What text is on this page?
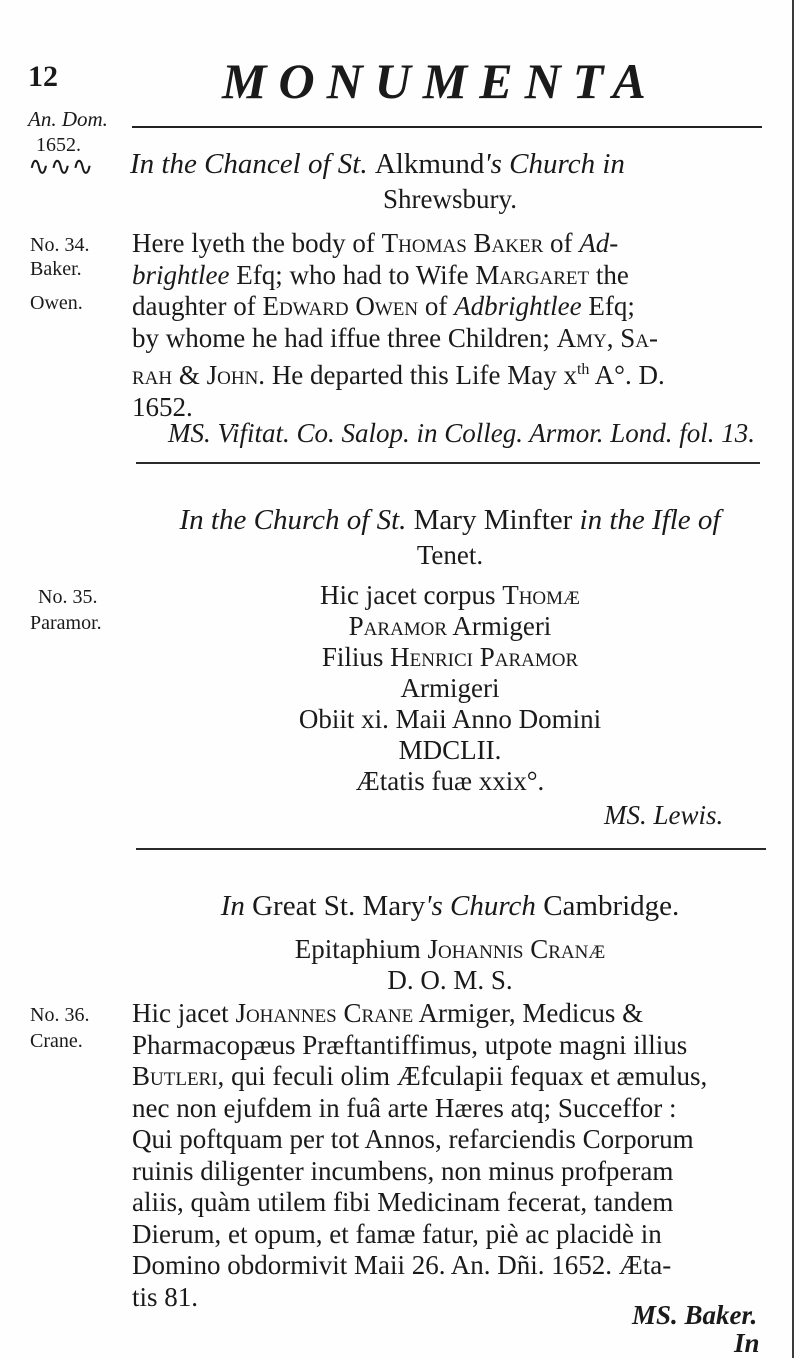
12	MONUMENTA
An. Dom.
1652.
∿∿∿ In the Chancel of St. Alkmund's Church in
Shrewsbury.
No. 34.
Baker.
Owen.
Here lyeth the body of Thomas Baker of Ad-
brightlee Efq; who had to Wife Margaret the
daughter of Edward Owen of Adbrightlee Efq;
by whome he had iffue three Children; Amy, Sa-
rah & John. He departed this Life May $x^{th}$ A°. D.
1652.
MS. Vifitat. Co. Salop. in Colleg. Armor. Lond. fol. 13.
In the Church of St. Mary Minfter in the Ifle of
Tenet.
No. 35.
Paramor.
Hic jacet corpus Thomæ
Paramor Armigeri
Filius Henrici Paramor
Armigeri
Obiit xi. Maii Anno Domini
MDCLII.
Ætatis fuæ xxix°.
MS. Lewis.
In Great St. Mary's Church Cambridge.
Epitaphium Johannis Cranæ
D. O. M. S.
No. 36.
Crane.
Hic jacet Johannes Crane Armiger, Medicus &
Pharmacopæus Præftantiffimus, utpote magni illius
Butleri, qui feculi olim Æfculapii fequax et æmulus,
nec non ejufdem in fuâ arte Hæres atq; Succeffor :
Qui poftquam per tot Annos, refarciendis Corporum
ruinis diligenter incumbens, non minus profperam
aliis, quàm utilem fibi Medicinam fecerat, tandem
Dierum, et opum, et famæ fatur, piè ac placidè in
Domino obdormivit Maii 26. An. Dñi. 1652. Æta-
tis 81.
MS. Baker.
In
